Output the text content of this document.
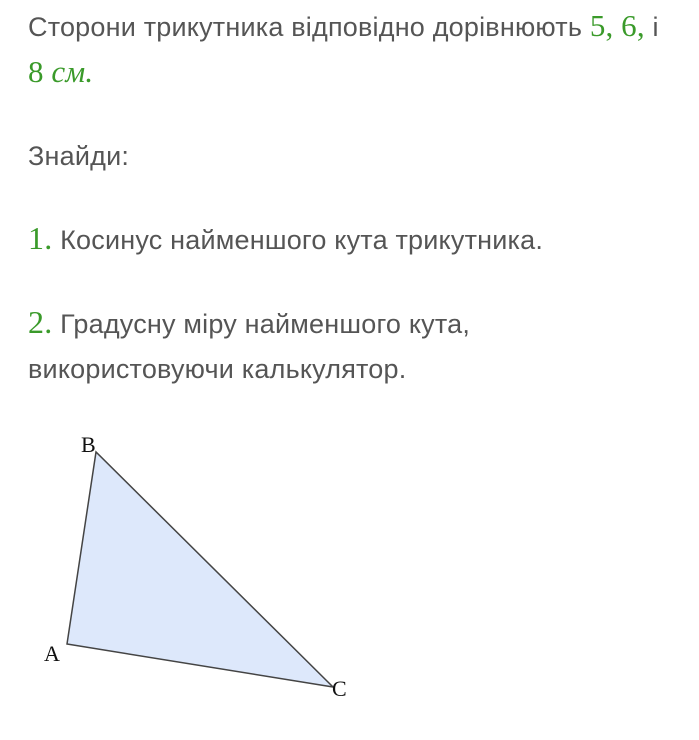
Сторони трикутника відповідно дорівнюють 5, 6, і
8 см.
Знайди:
1. Косинус найменшого кута трикутника.
2. Градусну міру найменшого кута,
використовуючи калькулятор.
B
A
C
